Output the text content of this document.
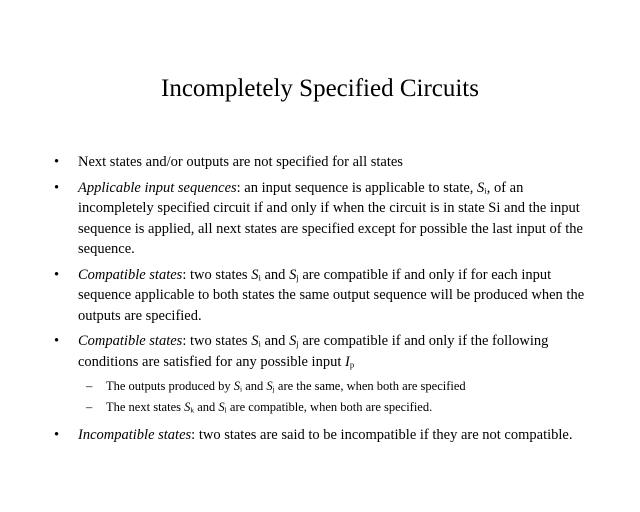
Incompletely Specified Circuits
• Next states and/or outputs are not specified for all states
• Applicable input sequences: an input sequence is applicable to state, $S_i$, of an incompletely specified circuit if and only if when the circuit is in state Si and the input sequence is applied, all next states are specified except for possible the last input of the sequence.
• Compatible states: two states $S_i$ and $S_j$ are compatible if and only if for each input sequence applicable to both states the same output sequence will be produced when the outputs are specified.
• Compatible states: two states $S_i$ and $S_j$ are compatible if and only if the following conditions are satisfied for any possible input $I_p$
– The outputs produced by $S_i$ and $S_j$ are the same, when both are specified
– The next states $S_k$ and $S_l$ are compatible, when both are specified.
• Incompatible states: two states are said to be incompatible if they are not compatible.
